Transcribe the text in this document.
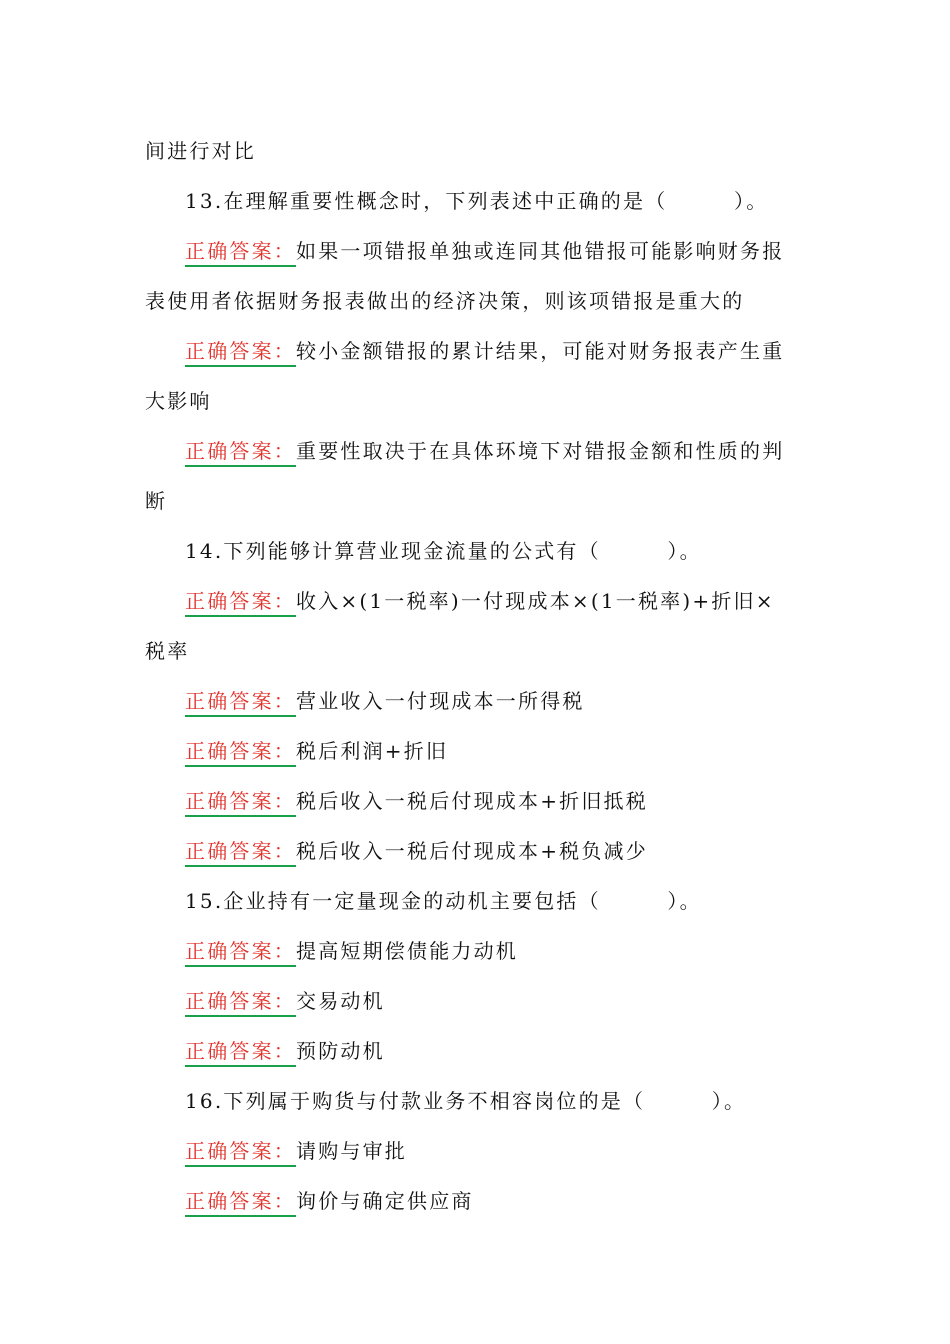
间进行对比
13.在理解重要性概念时，下列表述中正确的是（　　　）。
正确答案：如果一项错报单独或连同其他错报可能影响财务报
表使用者依据财务报表做出的经济决策，则该项错报是重大的
正确答案：较小金额错报的累计结果，可能对财务报表产生重
大影响
正确答案：重要性取决于在具体环境下对错报金额和性质的判
断
14.下列能够计算营业现金流量的公式有（　　　）。
正确答案：收入×(1一税率)一付现成本×(1一税率)+折旧×
税率
正确答案：营业收入一付现成本一所得税
正确答案：税后利润+折旧
正确答案：税后收入一税后付现成本+折旧抵税
正确答案：税后收入一税后付现成本+税负减少
15.企业持有一定量现金的动机主要包括（　　　）。
正确答案：提高短期偿债能力动机
正确答案：交易动机
正确答案：预防动机
16.下列属于购货与付款业务不相容岗位的是（　　　）。
正确答案：请购与审批
正确答案：询价与确定供应商
